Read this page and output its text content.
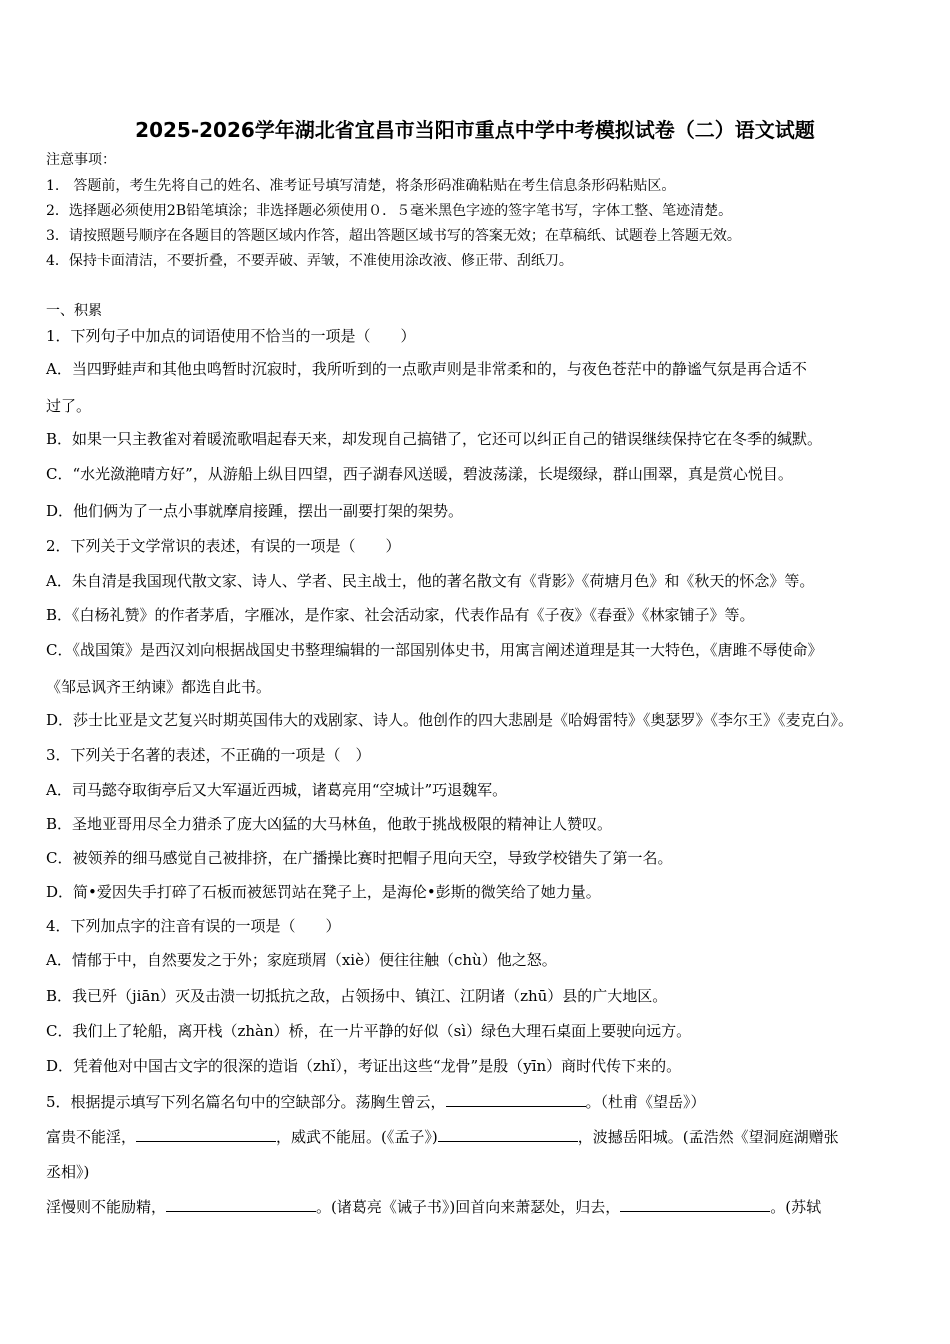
2025-2026学年湖北省宜昌市当阳市重点中学中考模拟试卷（二）语文试题
注意事项：
1.　答题前，考生先将自己的姓名、准考证号填写清楚，将条形码准确粘贴在考生信息条形码粘贴区。
2．选择题必须使用2B铅笔填涂；非选择题必须使用０．５毫米黑色字迹的签字笔书写，字体工整、笔迹清楚。
3．请按照题号顺序在各题目的答题区域内作答，超出答题区域书写的答案无效；在草稿纸、试题卷上答题无效。
4．保持卡面清洁，不要折叠，不要弄破、弄皱，不准使用涂改液、修正带、刮纸刀。
一、积累
1．下列句子中加点的词语使用不恰当的一项是（　　）
A．当四野蛙声和其他虫鸣暂时沉寂时，我所听到的一点歌声则是非常柔和的，与夜色苍茫中的静谧气氛是再合适不
过了。
B．如果一只主教雀对着暖流歌唱起春天来，却发现自己搞错了，它还可以纠正自己的错误继续保持它在冬季的缄默。
C．“水光潋滟晴方好”，从游船上纵目四望，西子湖春风送暖，碧波荡漾，长堤缀绿，群山围翠，真是赏心悦目。
D．他们俩为了一点小事就摩肩接踵，摆出一副要打架的架势。
2．下列关于文学常识的表述，有误的一项是（　　）
A．朱自清是我国现代散文家、诗人、学者、民主战士，他的著名散文有《背影》《荷塘月色》和《秋天的怀念》等。
B．《白杨礼赞》的作者茅盾，字雁冰，是作家、社会活动家，代表作品有《子夜》《春蚕》《林家铺子》等。
C．《战国策》是西汉刘向根据战国史书整理编辑的一部国别体史书，用寓言阐述道理是其一大特色，《唐雎不辱使命》
《邹忌讽齐王纳谏》都选自此书。
D．莎士比亚是文艺复兴时期英国伟大的戏剧家、诗人。他创作的四大悲剧是《哈姆雷特》《奥瑟罗》《李尔王》《麦克白》。
3．下列关于名著的表述，不正确的一项是（　）
A．司马懿夺取街亭后又大军逼近西城，诸葛亮用“空城计”巧退魏军。
B．圣地亚哥用尽全力猎杀了庞大凶猛的大马林鱼，他敢于挑战极限的精神让人赞叹。
C．被领养的细马感觉自己被排挤，在广播操比赛时把帽子甩向天空，导致学校错失了第一名。
D．简•爱因失手打碎了石板而被惩罚站在凳子上，是海伦•彭斯的微笑给了她力量。
4．下列加点字的注音有误的一项是（　　）
A．情郁于中，自然要发之于外；家庭琐屑（xiè）便往往触（chù）他之怒。
B．我已歼（jiān）灭及击溃一切抵抗之敌，占领扬中、镇江、江阴诸（zhū）县的广大地区。
C．我们上了轮船，离开栈（zhàn）桥，在一片平静的好似（sì）绿色大理石桌面上要驶向远方。
D．凭着他对中国古文字的很深的造诣（zhǐ），考证出这些“龙骨”是殷（yīn）商时代传下来的。
5．根据提示填写下列名篇名句中的空缺部分。荡胸生曾云，	。（杜甫《望岳》）
富贵不能淫，	，威武不能屈。(《孟子》)	，波撼岳阳城。(孟浩然《望洞庭湖赠张
丞相》)
淫慢则不能励精，	。(诸葛亮《诫子书》)回首向来萧瑟处，归去，	。(苏轼
